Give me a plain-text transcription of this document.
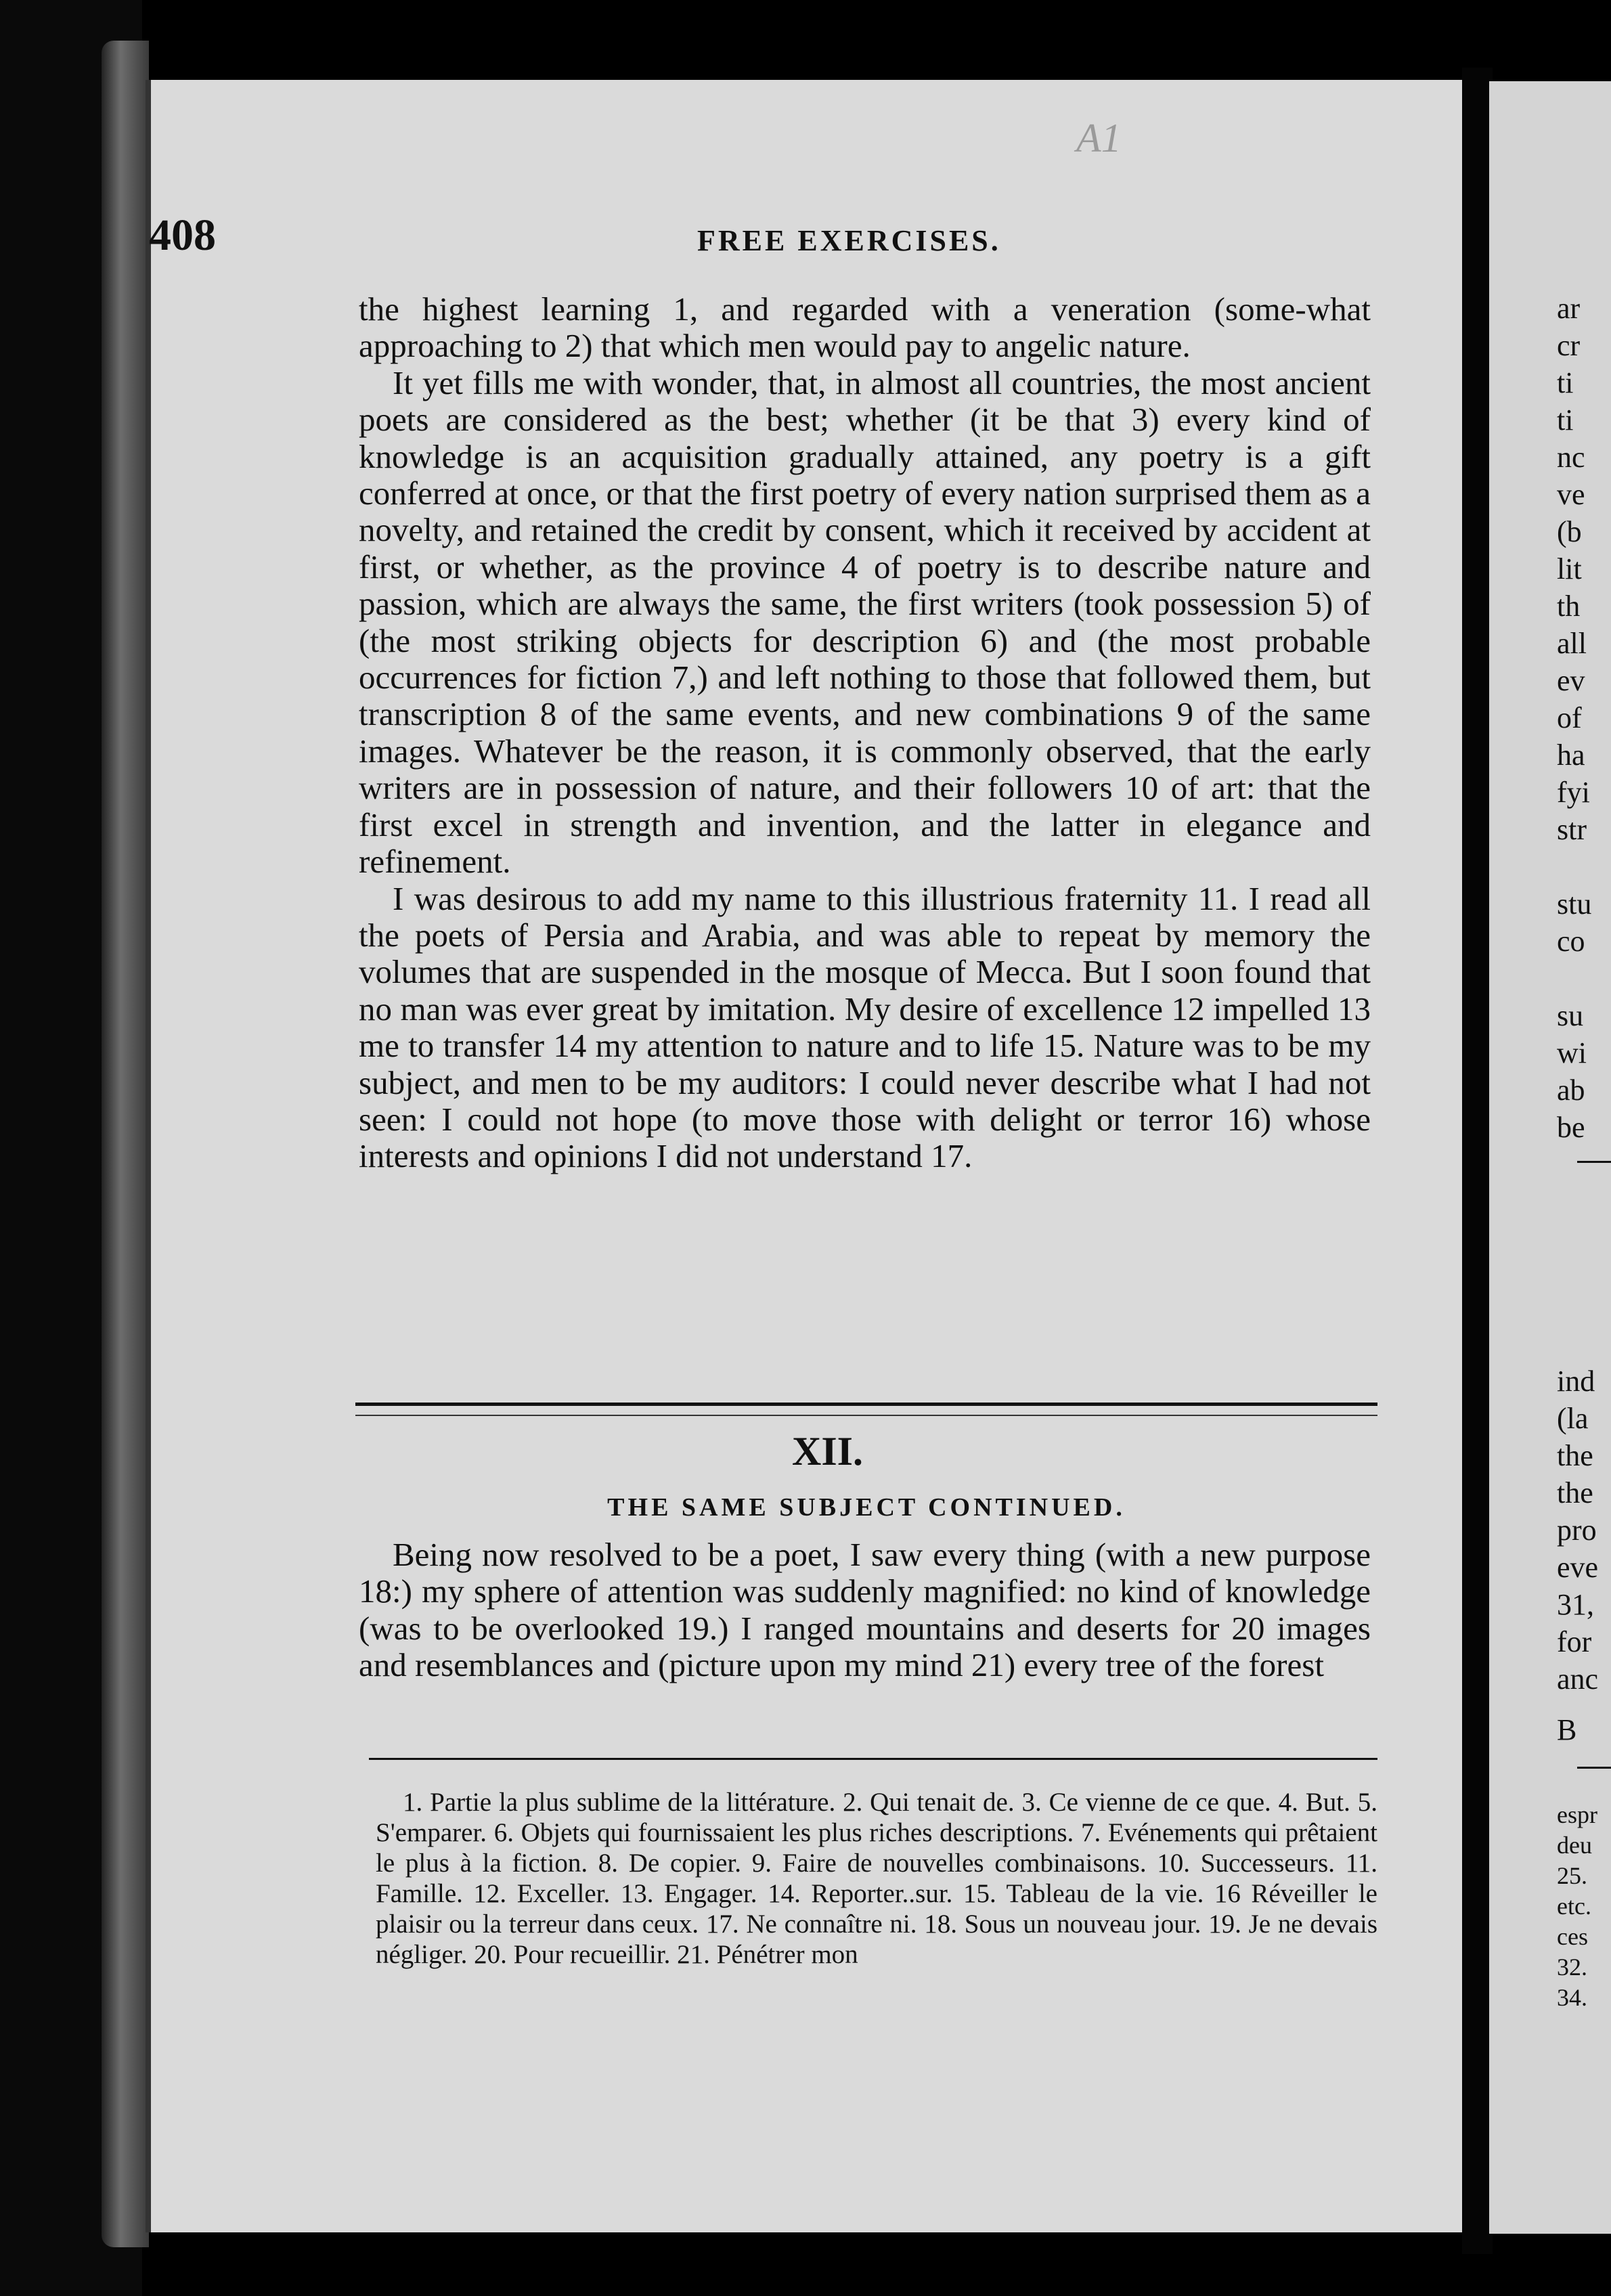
A1
408	FREE EXERCISES.

the highest learning 1, and regarded with a veneration (some-what approaching to 2) that which men would pay to angelic nature.

It yet fills me with wonder, that, in almost all countries, the most ancient poets are considered as the best; whether (it be that 3) every kind of knowledge is an acquisition gradually attained, any poetry is a gift conferred at once, or that the first poetry of every nation surprised them as a novelty, and retained the credit by consent, which it received by accident at first, or whether, as the province 4 of poetry is to describe nature and passion, which are always the same, the first writers (took possession 5) of (the most striking objects for description 6) and (the most probable occurrences for fiction 7,) and left nothing to those that followed them, but transcription 8 of the same events, and new combinations 9 of the same images. Whatever be the reason, it is commonly observed, that the early writers are in possession of nature, and their followers 10 of art: that the first excel in strength and invention, and the latter in elegance and refinement.

I was desirous to add my name to this illustrious fraternity 11. I read all the poets of Persia and Arabia, and was able to repeat by memory the volumes that are suspended in the mosque of Mecca. But I soon found that no man was ever great by imitation. My desire of excellence 12 impelled 13 me to transfer 14 my attention to nature and to life 15. Nature was to be my subject, and men to be my auditors: I could never describe what I had not seen: I could not hope (to move those with delight or terror 16) whose interests and opinions I did not understand 17.

XII.
THE SAME SUBJECT CONTINUED.

Being now resolved to be a poet, I saw every thing (with a new purpose 18:) my sphere of attention was suddenly magnified: no kind of knowledge (was to be overlooked 19.) I ranged mountains and deserts for 20 images and resemblances and (picture upon my mind 21) every tree of the forest

1. Partie la plus sublime de la littérature. 2. Qui tenait de. 3. Ce vienne de ce que. 4. But. 5. S'emparer. 6. Objets qui fournissaient les plus riches descriptions. 7. Evénements qui prêtaient le plus à la fiction. 8. De copier. 9. Faire de nouvelles combinaisons. 10. Successeurs. 11. Famille. 12. Exceller. 13. Engager. 14. Reporter..sur. 15. Tableau de la vie. 16 Réveiller le plaisir ou la terreur dans ceux. 17. Ne connaître ni. 18. Sous un nouveau jour. 19. Je ne devais négliger. 20. Pour recueillir. 21. Pénétrer mon

ar
cr
ti
ti
nc
ve
(b
lit
th
all
ev
of
ha
fyi
str
stu
co
su
wi
ab
be
ind
(la
the
the
pro
eve
31,
for
anc
B
espr
deu
25.
etc.
ces
32.
34.
